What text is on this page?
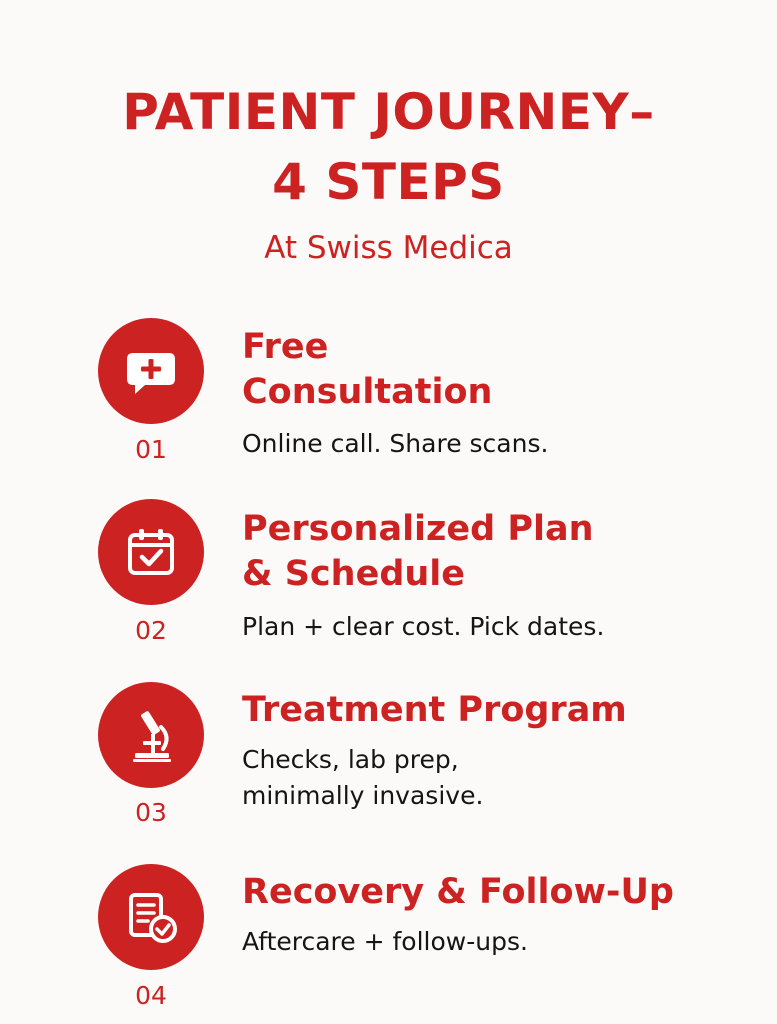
PATIENT JOURNEY–
4 STEPS

At Swiss Medica

01
Free
Consultation

Online call. Share scans.

02
Personalized Plan
& Schedule

Plan + clear cost. Pick dates.

03
Treatment Program

Checks, lab prep,
minimally invasive.

04
Recovery & Follow-Up

Aftercare + follow-ups.
